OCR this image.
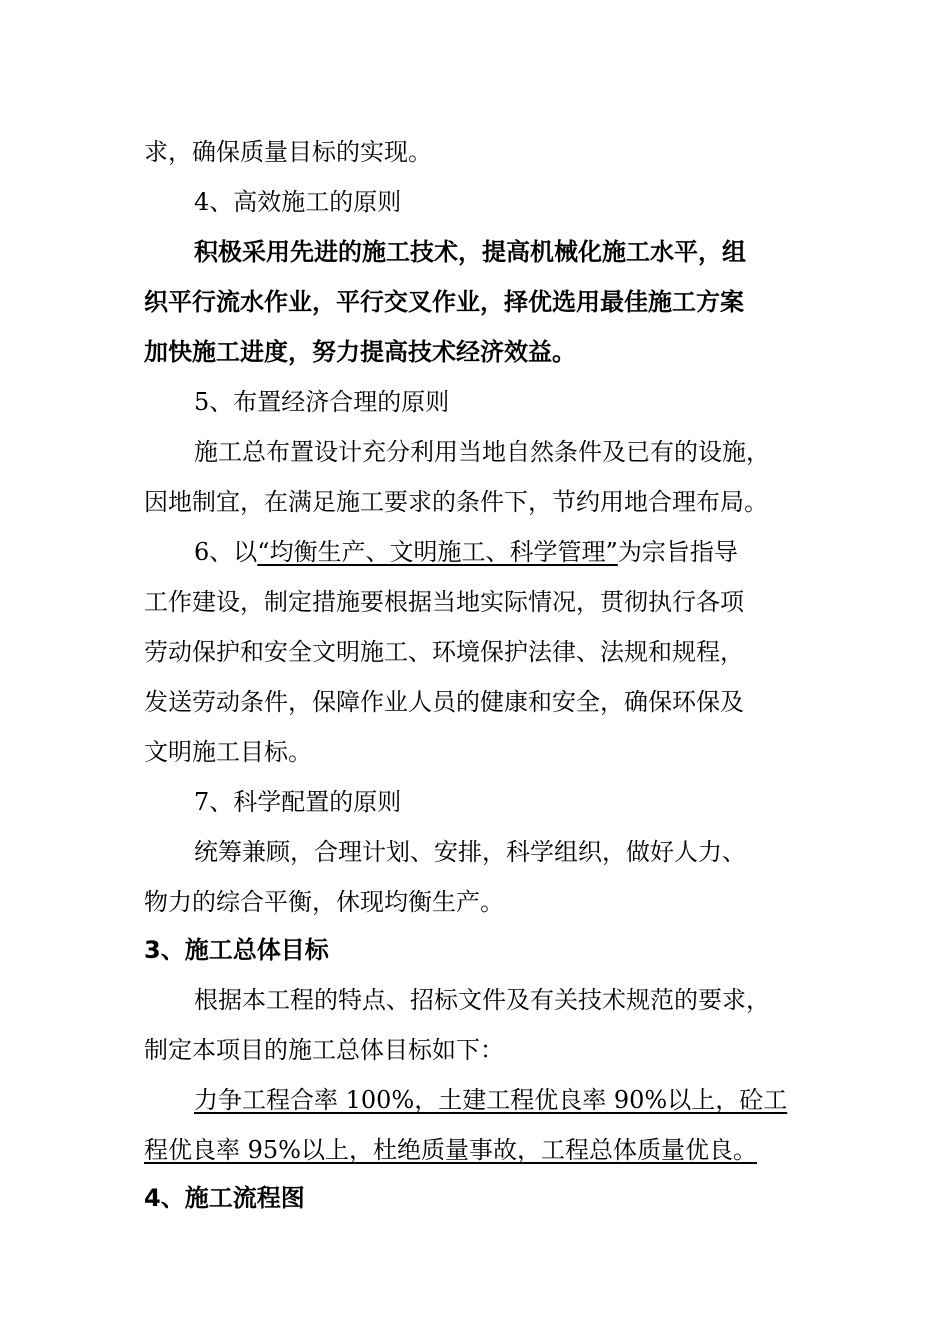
求，确保质量目标的实现。
4、高效施工的原则
积极采用先进的施工技术，提高机械化施工水平，组
织平行流水作业，平行交叉作业，择优选用最佳施工方案
加快施工进度，努力提高技术经济效益。
5、布置经济合理的原则
施工总布置设计充分利用当地自然条件及已有的设施，
因地制宜，在满足施工要求的条件下，节约用地合理布局。
6、以“均衡生产、文明施工、科学管理”为宗旨指导
工作建设，制定措施要根据当地实际情况，贯彻执行各项
劳动保护和安全文明施工、环境保护法律、法规和规程，
发送劳动条件，保障作业人员的健康和安全，确保环保及
文明施工目标。
7、科学配置的原则
统筹兼顾，合理计划、安排，科学组织，做好人力、
物力的综合平衡，休现均衡生产。
3、施工总体目标
根据本工程的特点、招标文件及有关技术规范的要求，
制定本项目的施工总体目标如下：
力争工程合率 100%，土建工程优良率 90%以上，砼工
程优良率 95%以上，杜绝质量事故，工程总体质量优良。
4、施工流程图
